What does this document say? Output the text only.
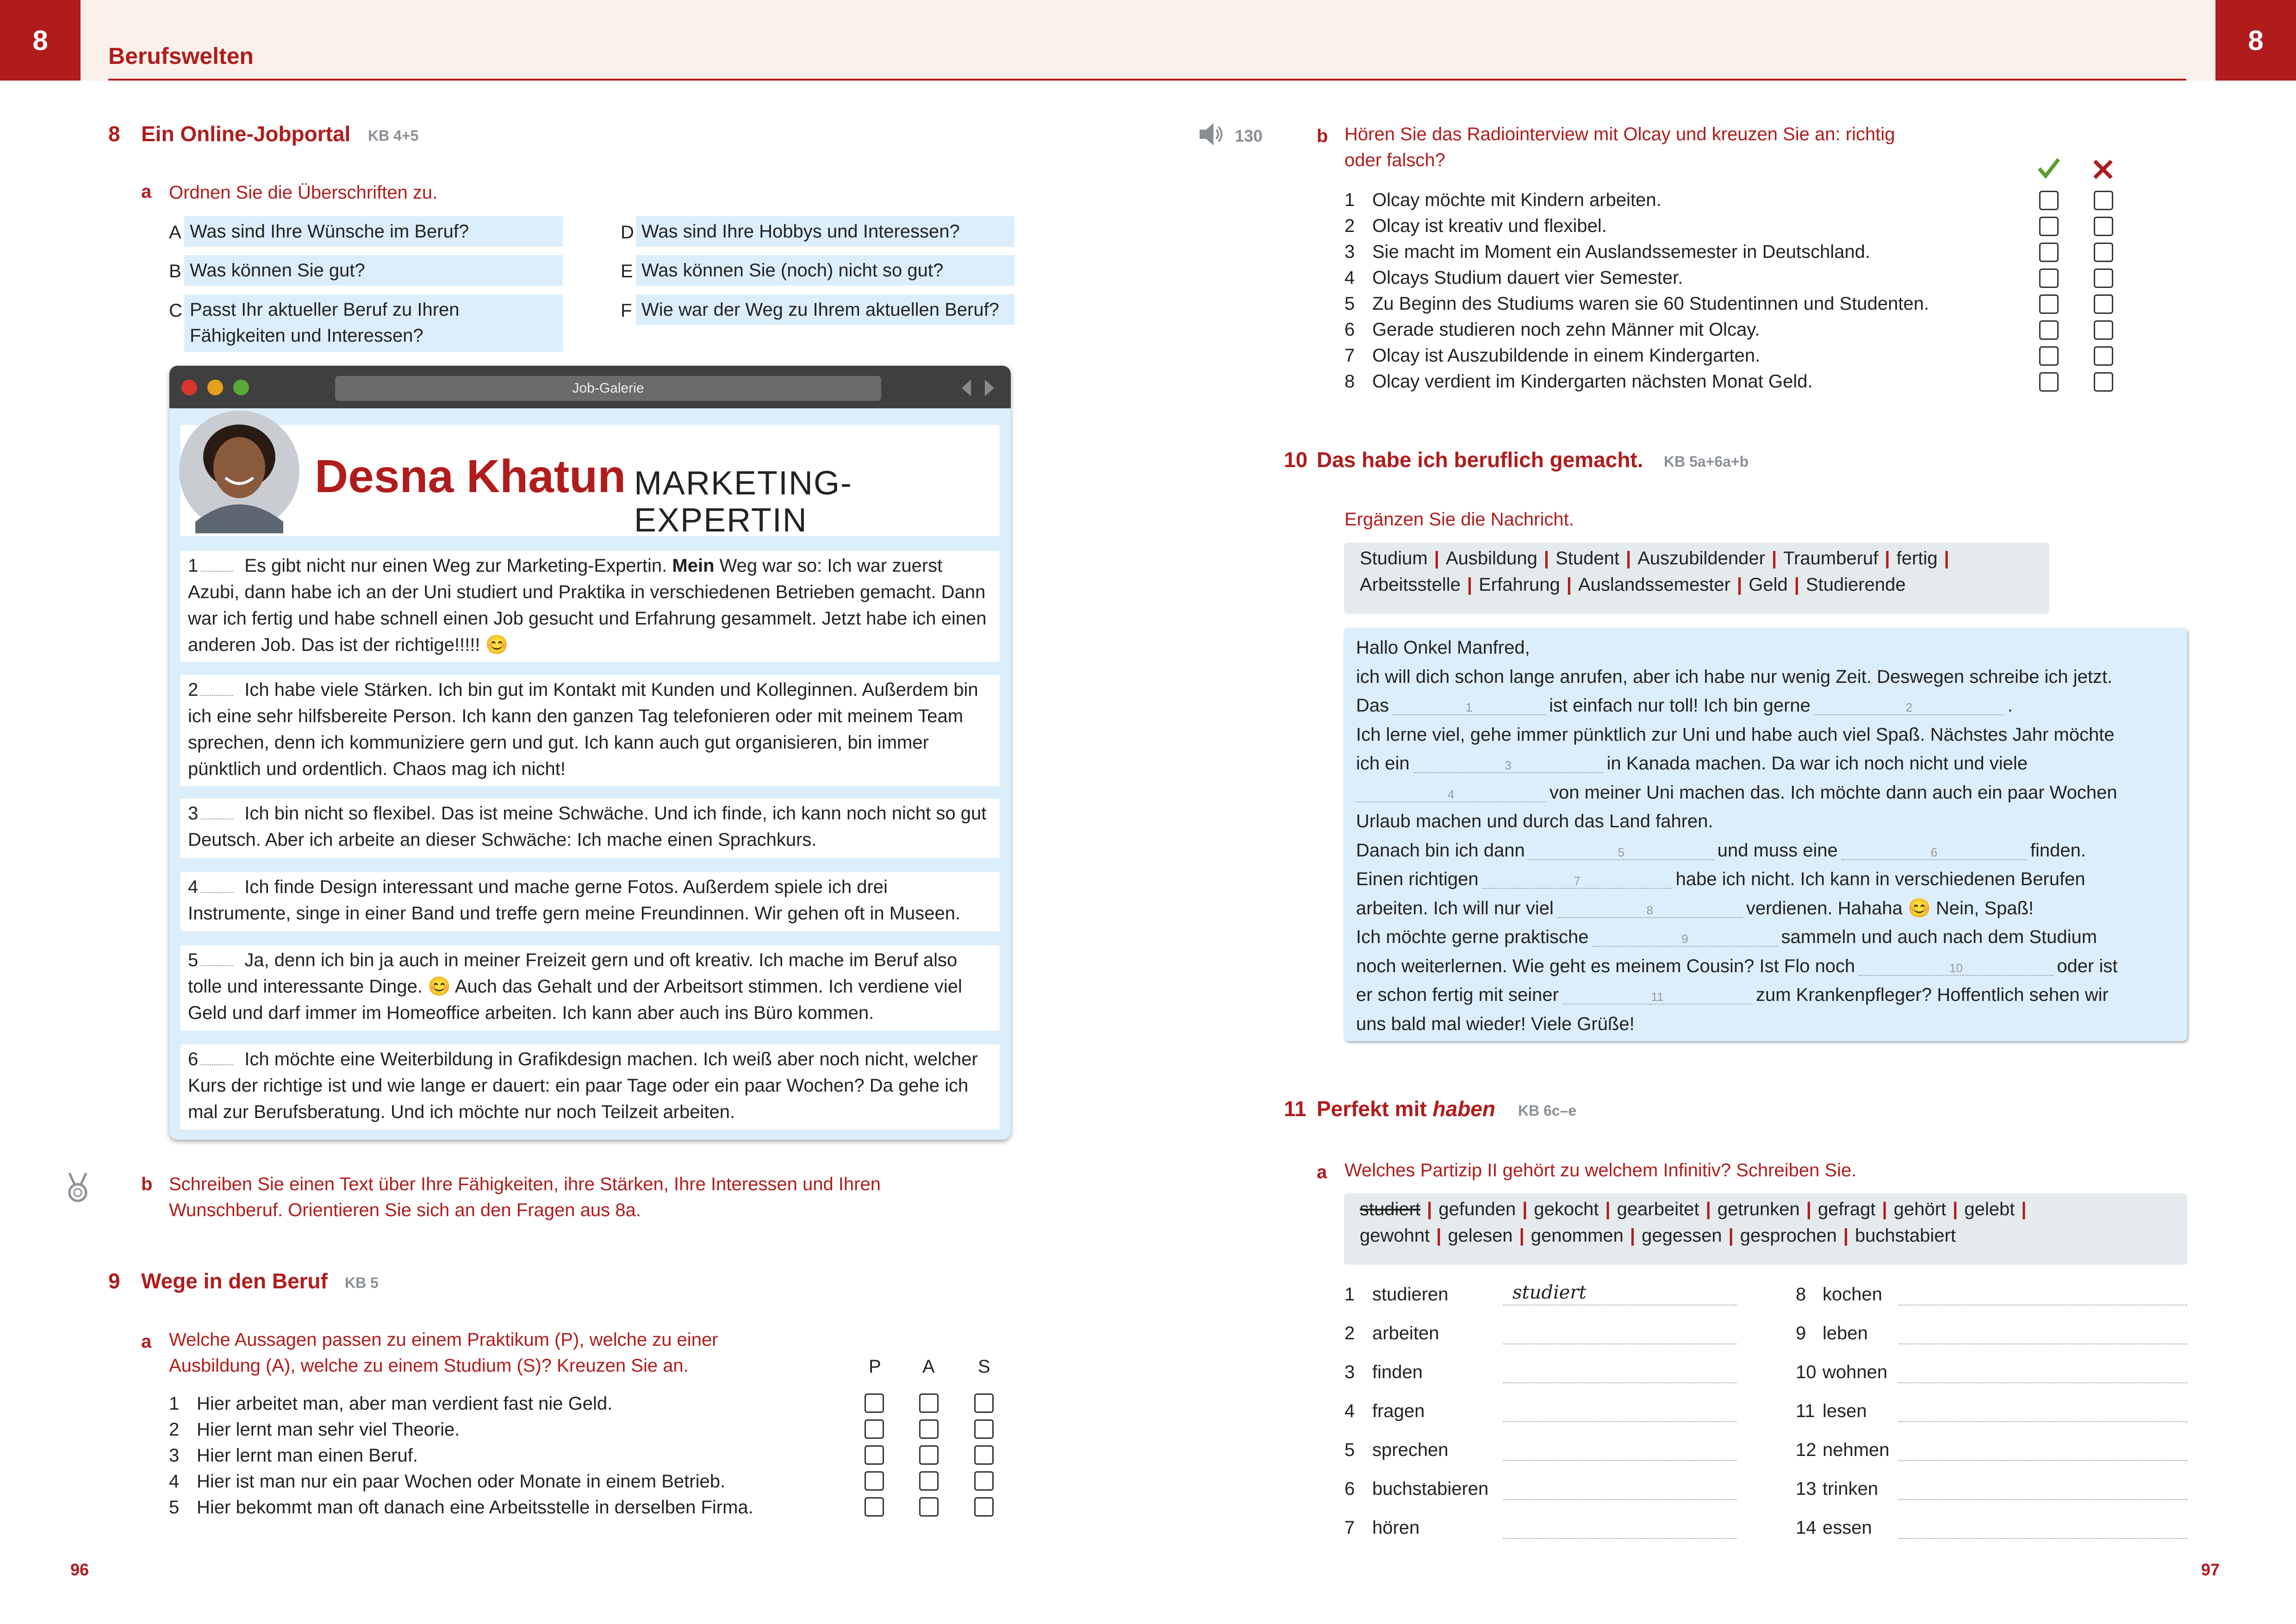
8	8
Berufswelten
8 Ein Online-Jobportal KB 4+5
a Ordnen Sie die Überschriften zu.
A Was sind Ihre Wünsche im Beruf?
B Was können Sie gut?
C Passt Ihr aktueller Beruf zu Ihren Fähigkeiten und Interessen?
D Was sind Ihre Hobbys und Interessen?
E Was können Sie (noch) nicht so gut?
F Wie war der Weg zu Ihrem aktuellen Beruf?
Job-Galerie
Desna Khatun MARKETING-EXPERTIN
1	Es gibt nicht nur einen Weg zur Marketing-Expertin. Mein Weg war so: Ich war zuerst Azubi, dann habe ich an der Uni studiert und Praktika in verschiedenen Betrieben gemacht. Dann war ich fertig und habe schnell einen Job gesucht und Erfahrung gesammelt. Jetzt habe ich einen anderen Job. Das ist der richtige!!!!! 😊
2	Ich habe viele Stärken. Ich bin gut im Kontakt mit Kunden und Kolleginnen. Außerdem bin ich eine sehr hilfsbereite Person. Ich kann den ganzen Tag telefonieren oder mit meinem Team sprechen, denn ich kommuniziere gern und gut. Ich kann auch gut organisieren, bin immer pünktlich und ordentlich. Chaos mag ich nicht!
3	Ich bin nicht so flexibel. Das ist meine Schwäche. Und ich finde, ich kann noch nicht so gut Deutsch. Aber ich arbeite an dieser Schwäche: Ich mache einen Sprachkurs.
4	Ich finde Design interessant und mache gerne Fotos. Außerdem spiele ich drei Instrumente, singe in einer Band und treffe gern meine Freundinnen. Wir gehen oft in Museen.
5	Ja, denn ich bin ja auch in meiner Freizeit gern und oft kreativ. Ich mache im Beruf also tolle und interessante Dinge. 😊 Auch das Gehalt und der Arbeitsort stimmen. Ich verdiene viel Geld und darf immer im Homeoffice arbeiten. Ich kann aber auch ins Büro kommen.
6	Ich möchte eine Weiterbildung in Grafikdesign machen. Ich weiß aber noch nicht, welcher Kurs der richtige ist und wie lange er dauert: ein paar Tage oder ein paar Wochen? Da gehe ich mal zur Berufsberatung. Und ich möchte nur noch Teilzeit arbeiten.
b Schreiben Sie einen Text über Ihre Fähigkeiten, ihre Stärken, Ihre Interessen und Ihren Wunschberuf. Orientieren Sie sich an den Fragen aus 8a.
9 Wege in den Beruf KB 5
a Welche Aussagen passen zu einem Praktikum (P), welche zu einer Ausbildung (A), welche zu einem Studium (S)? Kreuzen Sie an.	P A S
1 Hier arbeitet man, aber man verdient fast nie Geld.
2 Hier lernt man sehr viel Theorie.
3 Hier lernt man einen Beruf.
4 Hier ist man nur ein paar Wochen oder Monate in einem Betrieb.
5 Hier bekommt man oft danach eine Arbeitsstelle in derselben Firma.
130	b Hören Sie das Radiointerview mit Olcay und kreuzen Sie an: richtig oder falsch?
1 Olcay möchte mit Kindern arbeiten.
2 Olcay ist kreativ und flexibel.
3 Sie macht im Moment ein Auslandssemester in Deutschland.
4 Olcays Studium dauert vier Semester.
5 Zu Beginn des Studiums waren sie 60 Studentinnen und Studenten.
6 Gerade studieren noch zehn Männer mit Olcay.
7 Olcay ist Auszubildende in einem Kindergarten.
8 Olcay verdient im Kindergarten nächsten Monat Geld.
10 Das habe ich beruflich gemacht. KB 5a+6a+b
Ergänzen Sie die Nachricht.
Studium | Ausbildung | Student | Auszubildender | Traumberuf | fertig |
Arbeitsstelle | Erfahrung | Auslandssemester | Geld | Studierende
Hallo Onkel Manfred,
ich will dich schon lange anrufen, aber ich habe nur wenig Zeit. Deswegen schreibe ich jetzt.
Das	1	ist einfach nur toll! Ich bin gerne	2	.
Ich lerne viel, gehe immer pünktlich zur Uni und habe auch viel Spaß. Nächstes Jahr möchte
ich ein	3	in Kanada machen. Da war ich noch nicht und viele
4	von meiner Uni machen das. Ich möchte dann auch ein paar Wochen
Urlaub machen und durch das Land fahren.
Danach bin ich dann	5	und muss eine	6	finden.
Einen richtigen	7	habe ich nicht. Ich kann in verschiedenen Berufen
arbeiten. Ich will nur viel	8	verdienen. Hahaha 😊 Nein, Spaß!
Ich möchte gerne praktische	9	sammeln und auch nach dem Studium
noch weiterlernen. Wie geht es meinem Cousin? Ist Flo noch	10	oder ist
er schon fertig mit seiner	11	zum Krankenpfleger? Hoffentlich sehen wir
uns bald mal wieder! Viele Grüße!
11 Perfekt mit haben KB 6c–e
a Welches Partizip II gehört zu welchem Infinitiv? Schreiben Sie.
studiert | gefunden | gekocht | gearbeitet | getrunken | gefragt | gehört | gelebt |
gewohnt | gelesen | genommen | gegessen | gesprochen | buchstabiert
1 studieren	studiert
2 arbeiten
3 finden
4 fragen
5 sprechen
6 buchstabieren
7 hören
8 kochen
9 leben
10 wohnen
11 lesen
12 nehmen
13 trinken
14 essen
96	97
